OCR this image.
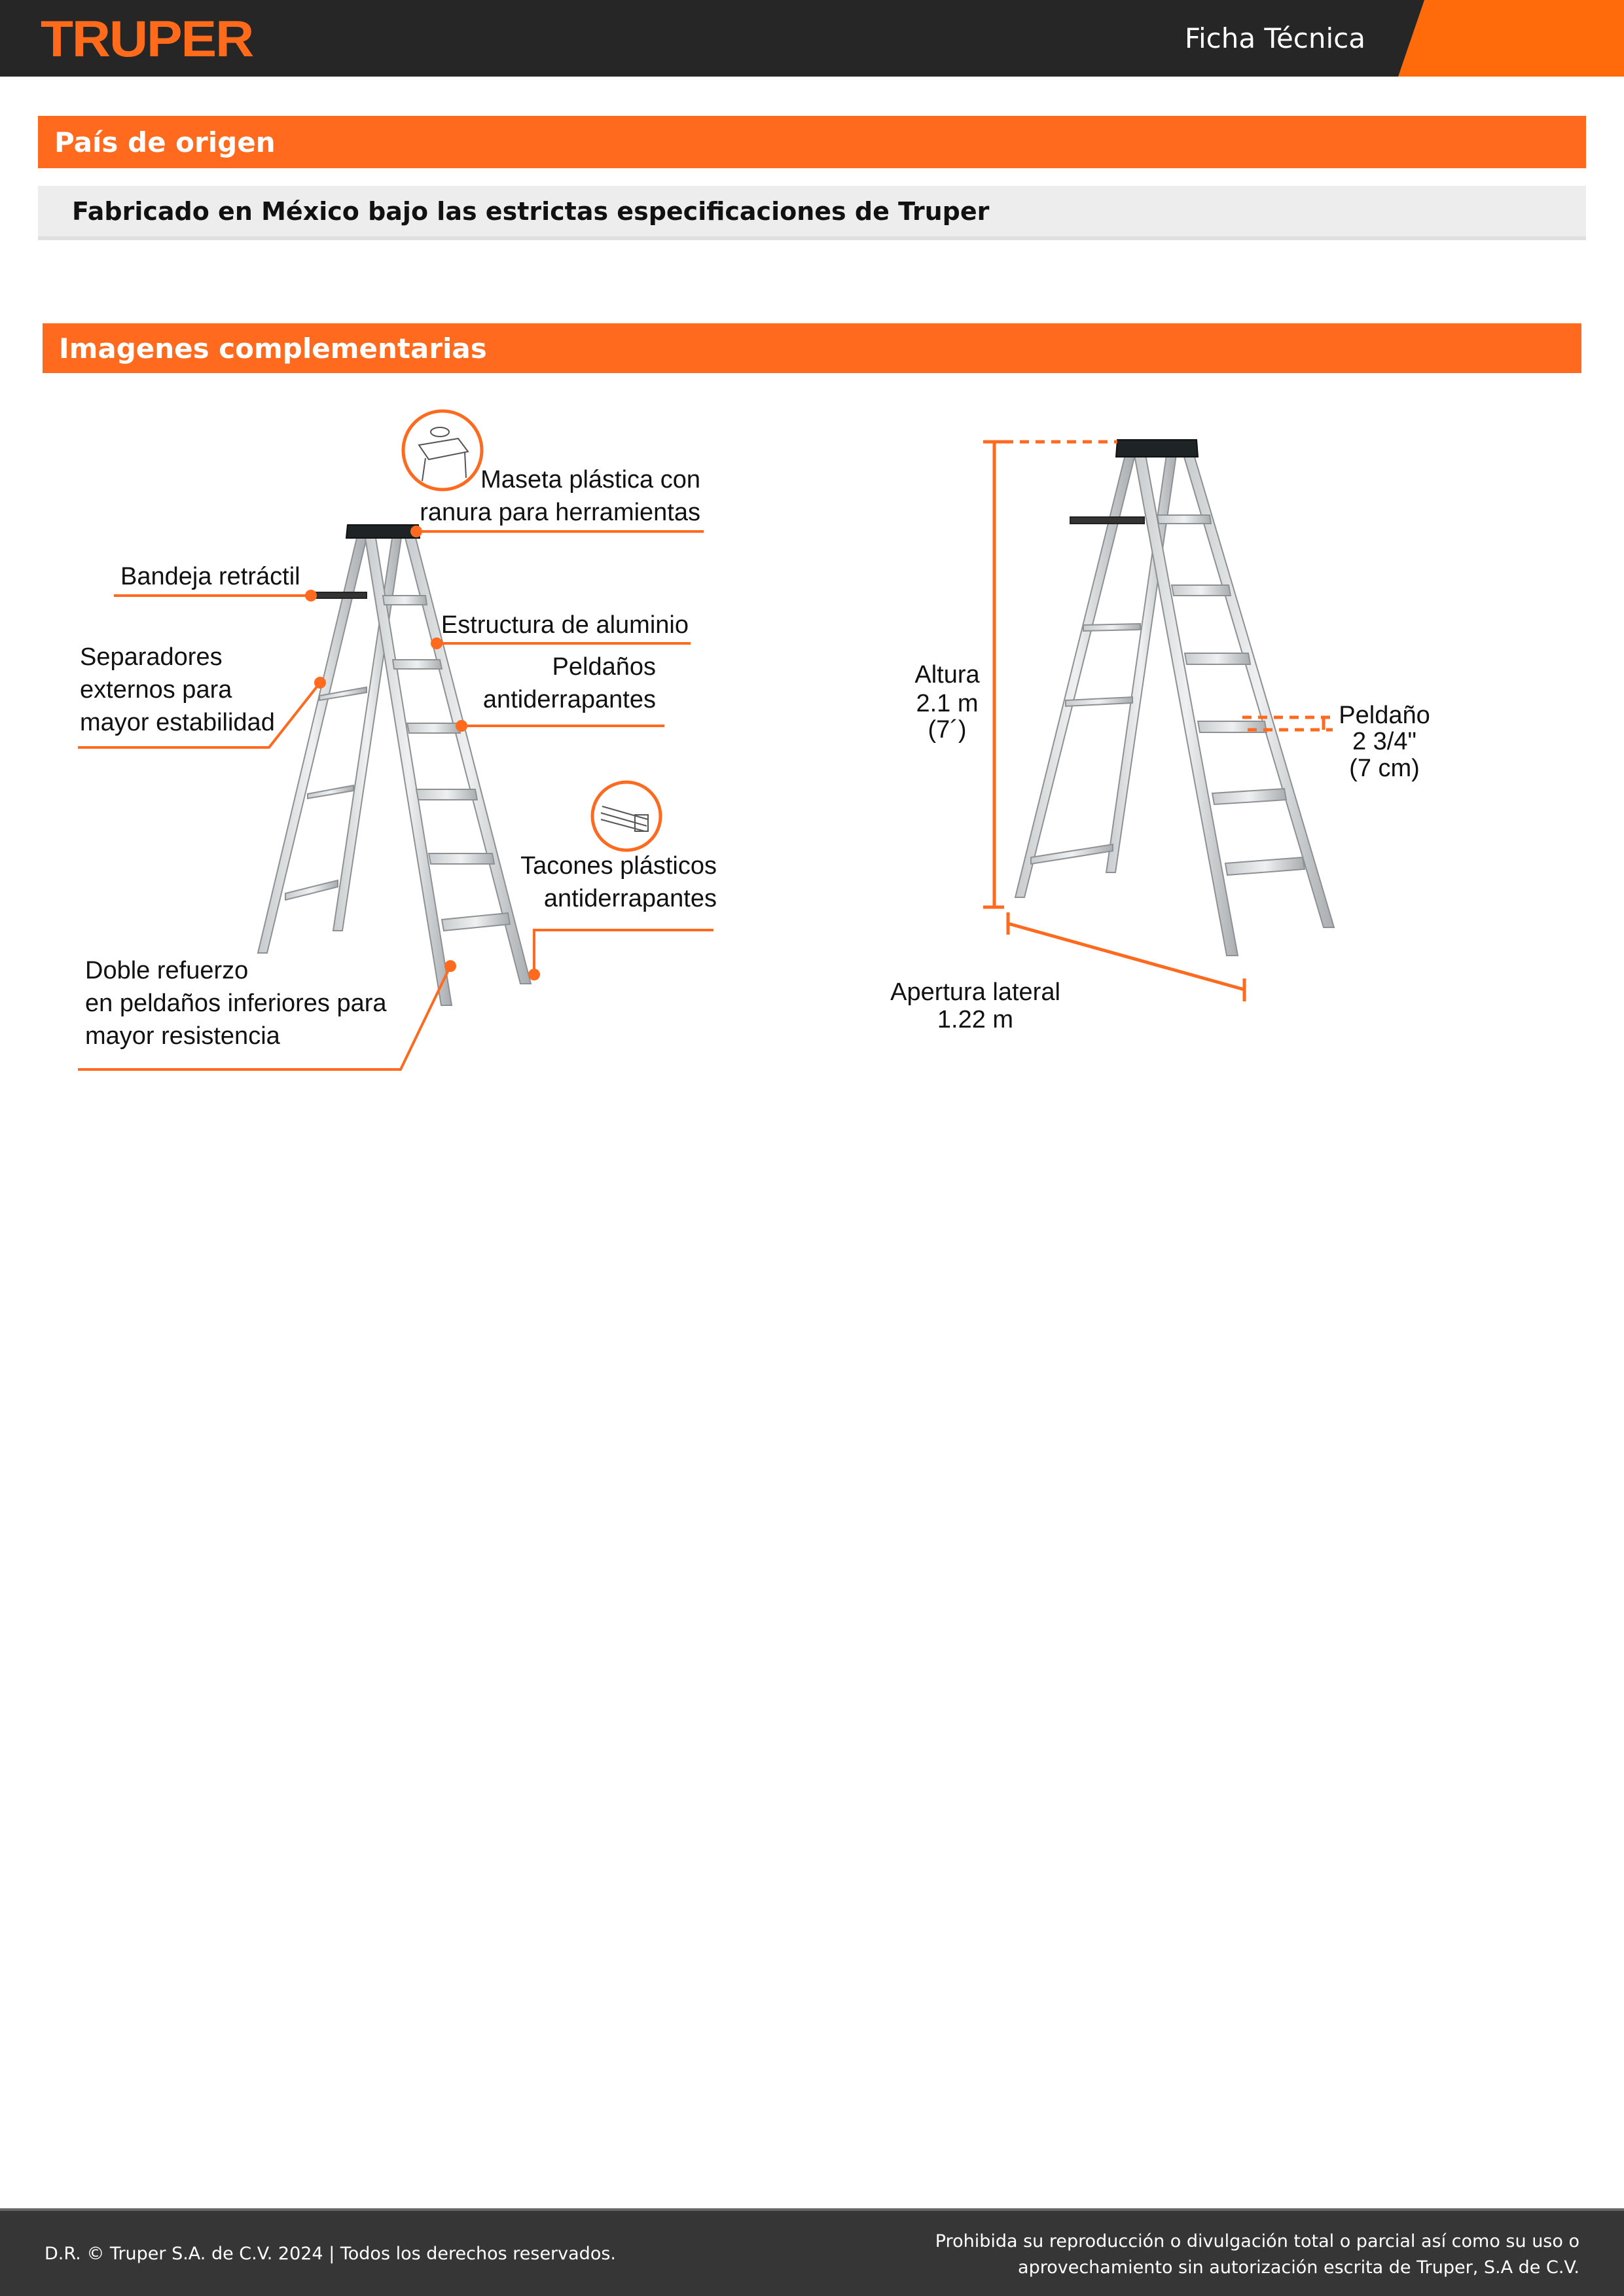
TRUPER	Ficha Técnica
País de origen
Fabricado en México bajo las estrictas especificaciones de Truper
Imagenes complementarias
Maseta plástica con
ranura para herramientas
Bandeja retráctil
Estructura de aluminio
Separadores
externos para
mayor estabilidad
Peldaños
antiderrapantes
Tacones plásticos
antiderrapantes
Doble refuerzo
en peldaños inferiores para
mayor resistencia
Altura
2.1 m
(7´)
Peldaño
2 3/4"
(7 cm)
Apertura lateral
1.22 m
D.R. © Truper S.A. de C.V. 2024 | Todos los derechos reservados.
Prohibida su reproducción o divulgación total o parcial así como su uso o
aprovechamiento sin autorización escrita de Truper, S.A de C.V.
